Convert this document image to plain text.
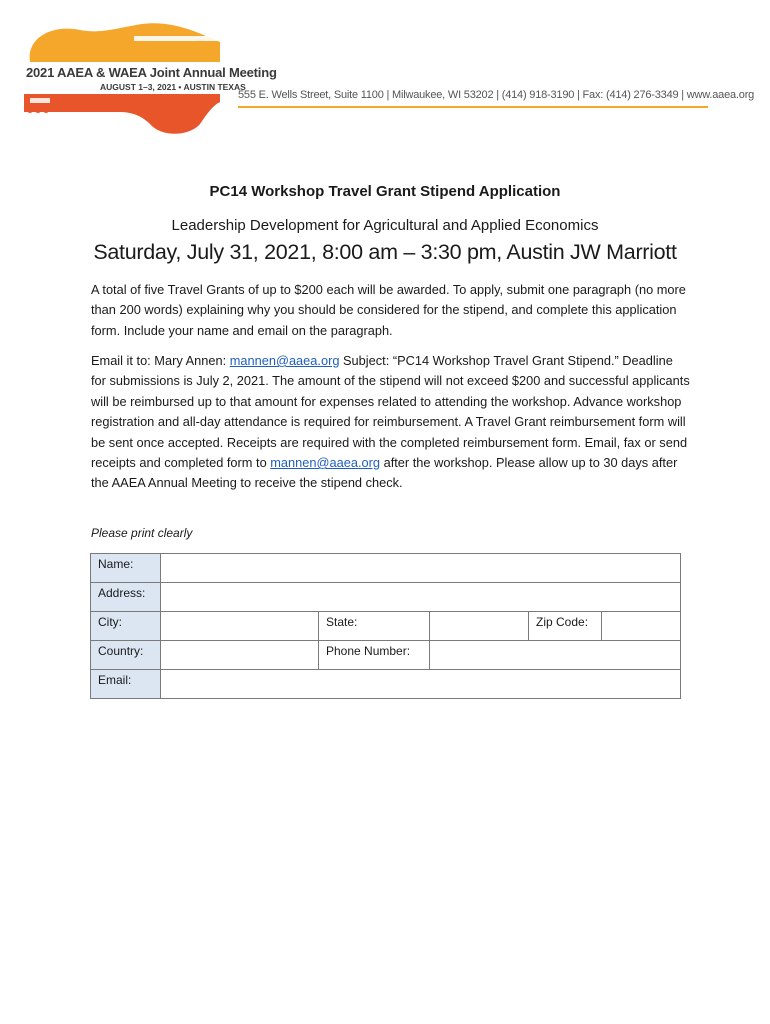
2021 AAEA & WAEA Joint Annual Meeting
AUGUST 1–3, 2021 • AUSTIN TEXAS
555 E. Wells Street, Suite 1100 | Milwaukee, WI 53202 | (414) 918-3190 | Fax: (414) 276-3349 | www.aaea.org
PC14 Workshop Travel Grant Stipend Application
Leadership Development for Agricultural and Applied Economics
Saturday, July 31, 2021, 8:00 am – 3:30 pm, Austin JW Marriott

A total of five Travel Grants of up to $200 each will be awarded. To apply, submit one paragraph (no more than 200 words) explaining why you should be considered for the stipend, and complete this application form. Include your name and email on the paragraph.

Email it to: Mary Annen: mannen@aaea.org Subject: “PC14 Workshop Travel Grant Stipend.” Deadline for submissions is July 2, 2021. The amount of the stipend will not exceed $200 and successful applicants will be reimbursed up to that amount for expenses related to attending the workshop. Advance workshop registration and all-day attendance is required for reimbursement. A Travel Grant reimbursement form will be sent once accepted. Receipts are required with the completed reimbursement form. Email, fax or send receipts and completed form to mannen@aaea.org after the workshop. Please allow up to 30 days after the AAEA Annual Meeting to receive the stipend check.

Please print clearly
Name:					
Address:					
City:		State:		Zip Code:	
Country:		Phone Number:			
Email:					
